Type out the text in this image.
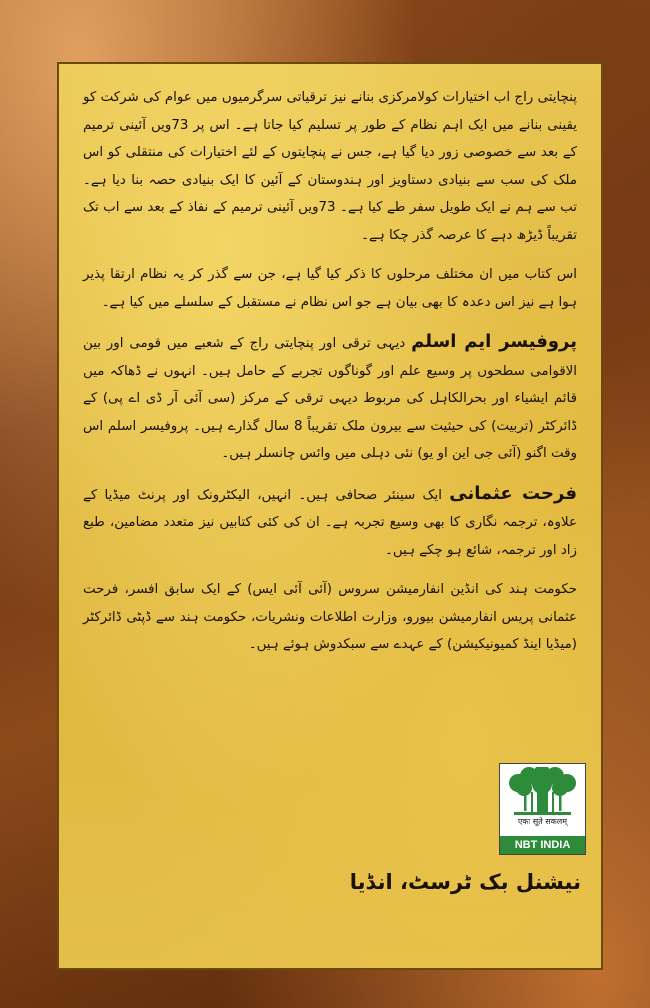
پنچایتی راج اب اختیارات کولامرکزی بنانے نیز ترقیاتی سرگرمیوں میں عوام کی شرکت کو یقینی بنانے میں ایک اہم نظام کے طور پر تسلیم کیا جاتا ہے۔ اس پر 73ویں آئینی ترمیم کے بعد سے خصوصی زور دیا گیا ہے، جس نے پنچایتوں کے لئے اختیارات کی منتقلی کو اس ملک کی سب سے بنیادی دستاویز اور ہندوستان کے آئین کا ایک بنیادی حصہ بنا دیا ہے۔ تب سے ہم نے ایک طویل سفر طے کیا ہے۔ 73ویں آئینی ترمیم کے نفاذ کے بعد سے اب تک تقریباً ڈیڑھ دہے کا عرصہ گذر چکا ہے۔

اس کتاب میں ان مختلف مرحلوں کا ذکر کیا گیا ہے، جن سے گذر کر یہ نظام ارتقا پذیر ہوا ہے نیز اس دعدہ کا بھی بیان ہے جو اس نظام نے مستقبل کے سلسلے میں کیا ہے۔

پروفیسر ایم اسلم دیہی ترقی اور پنچایتی راج کے شعبے میں قومی اور بین الاقوامی سطحوں پر وسیع علم اور گوناگوں تجربے کے حامل ہیں۔ انہوں نے ڈھاکہ میں قائم ایشیاء اور بحرالکاہل کی مربوط دیہی ترقی کے مرکز (سی آئی آر ڈی اے پی) کے ڈائرکٹر (تربیت) کی حیثیت سے بیرون ملک تقریباً 8 سال گذارے ہیں۔ پروفیسر اسلم اس وقت اگنو (آئی جی این او یو) نئی دہلی میں وائس چانسلر ہیں۔

فرحت عثمانی ایک سینئر صحافی ہیں۔ انہیں، الیکٹرونک اور پرنٹ میڈیا کے علاوہ، ترجمہ نگاری کا بھی وسیع تجربہ ہے۔ ان کی کئی کتابیں نیز متعدد مضامین، طبع زاد اور ترجمہ، شائع ہو چکے ہیں۔

حکومت ہند کی انڈین انفارمیشن سروس (آئی آئی ایس) کے ایک سابق افسر، فرحت عثمانی پریس انفارمیشن بیورو، وزارت اطلاعات ونشریات، حکومت ہند سے ڈپٹی ڈائرکٹر (میڈیا اینڈ کمیونیکیشن) کے عہدے سے سبکدوش ہوئے ہیں۔

एकः सूते सकलम्
NBT INDIA
نیشنل بک ٹرسٹ، انڈیا
